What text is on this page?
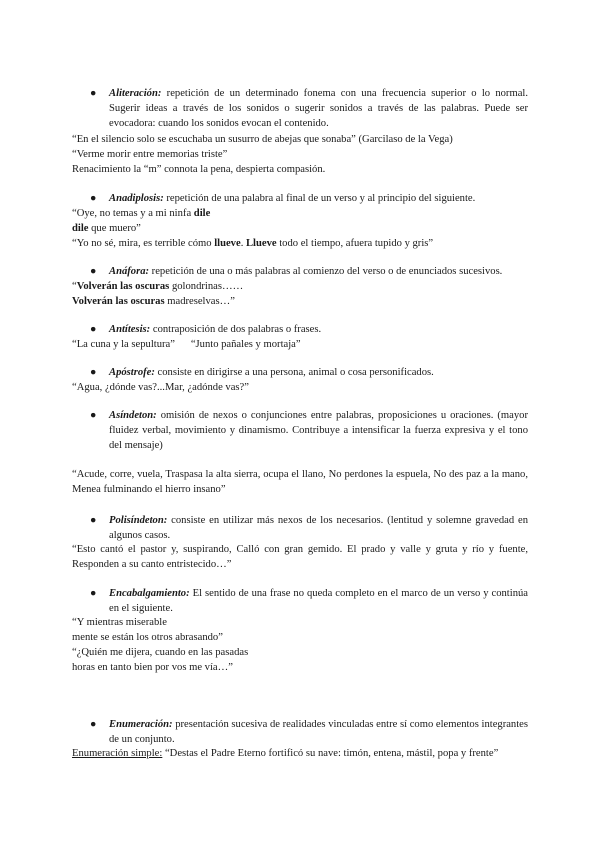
● Aliteración: repetición de un determinado fonema con una frecuencia superior o lo normal. Sugerir ideas a través de los sonidos o sugerir sonidos a través de las palabras. Puede ser evocadora: cuando los sonidos evocan el contenido.
“En el silencio solo se escuchaba un susurro de abejas que sonaba” (Garcilaso de la Vega)
“Verme morir entre memorias triste”
Renacimiento la “m” connota la pena, despierta compasión.
● Anadiplosis: repetición de una palabra al final de un verso y al principio del siguiente.
“Oye, no temas y a mi ninfa dile
dile que muero”
“Yo no sé, mira, es terrible cómo llueve. Llueve todo el tiempo, afuera tupido y gris”
● Anáfora: repetición de una o más palabras al comienzo del verso o de enunciados sucesivos.
“Volverán las oscuras golondrinas……
Volverán las oscuras madreselvas…”
● Antítesis: contraposición de dos palabras o frases.
“La cuna y la sepultura”      “Junto pañales y mortaja”
● Apóstrofe: consiste en dirigirse a una persona, animal o cosa personificados.
“Agua, ¿dónde vas?...Mar, ¿adónde vas?”
● Asíndeton: omisión de nexos o conjunciones entre palabras, proposiciones u oraciones. (mayor fluidez verbal, movimiento y dinamismo. Contribuye a intensificar la fuerza expresiva y el tono del mensaje)
“Acude, corre, vuela, Traspasa la alta sierra, ocupa el llano, No perdones la espuela, No des paz a la mano, Menea fulminando el hierro insano”
● Polisíndeton: consiste en utilizar más nexos de los necesarios. (lentitud y solemne gravedad en algunos casos.
“Esto cantó el pastor y, suspirando, Calló con gran gemido. El prado y valle y gruta y río y fuente, Responden a su canto entristecido…”
● Encabalgamiento: El sentido de una frase no queda completo en el marco de un verso y continúa en el siguiente.
“Y mientras miserable
mente se están los otros abrasando”
“¿Quién me dijera, cuando en las pasadas
horas en tanto bien por vos me vía…”
● Enumeración: presentación sucesiva de realidades vinculadas entre sí como elementos integrantes de un conjunto.
Enumeración simple: “Destas el Padre Eterno fortificó su nave: timón, entena, mástil, popa y frente”
